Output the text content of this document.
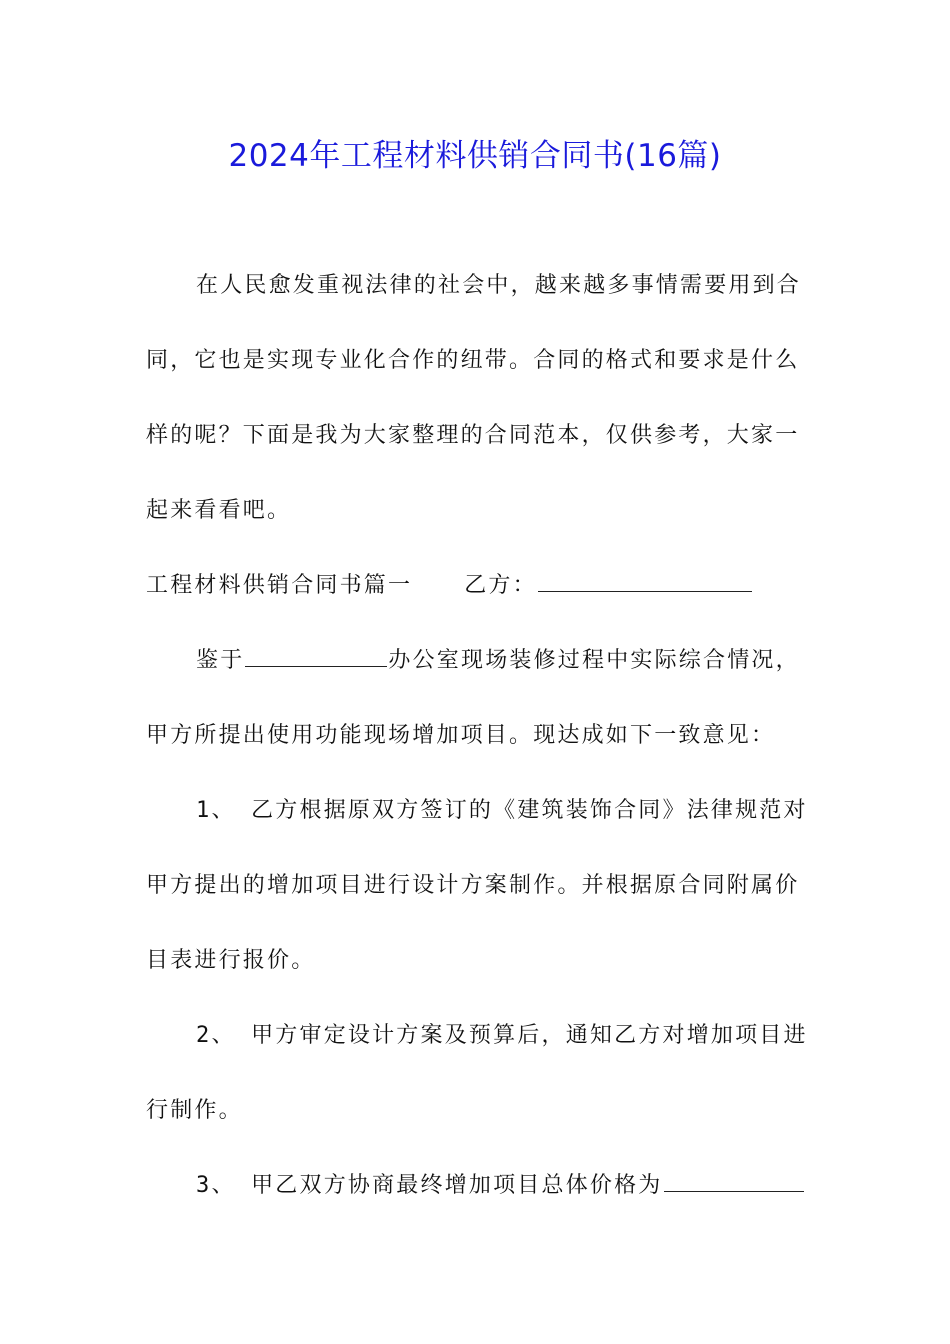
2024年工程材料供销合同书(16篇)
在人民愈发重视法律的社会中，越来越多事情需要用到合
同，它也是实现专业化合作的纽带。合同的格式和要求是什么
样的呢？下面是我为大家整理的合同范本，仅供参考，大家一
起来看看吧。
工程材料供销合同书篇一 乙方：
鉴于	办公室现场装修过程中实际综合情况，
甲方所提出使用功能现场增加项目。现达成如下一致意见：
1、 乙方根据原双方签订的《建筑装饰合同》法律规范对
甲方提出的增加项目进行设计方案制作。并根据原合同附属价
目表进行报价。
2、 甲方审定设计方案及预算后，通知乙方对增加项目进
行制作。
3、 甲乙双方协商最终增加项目总体价格为
